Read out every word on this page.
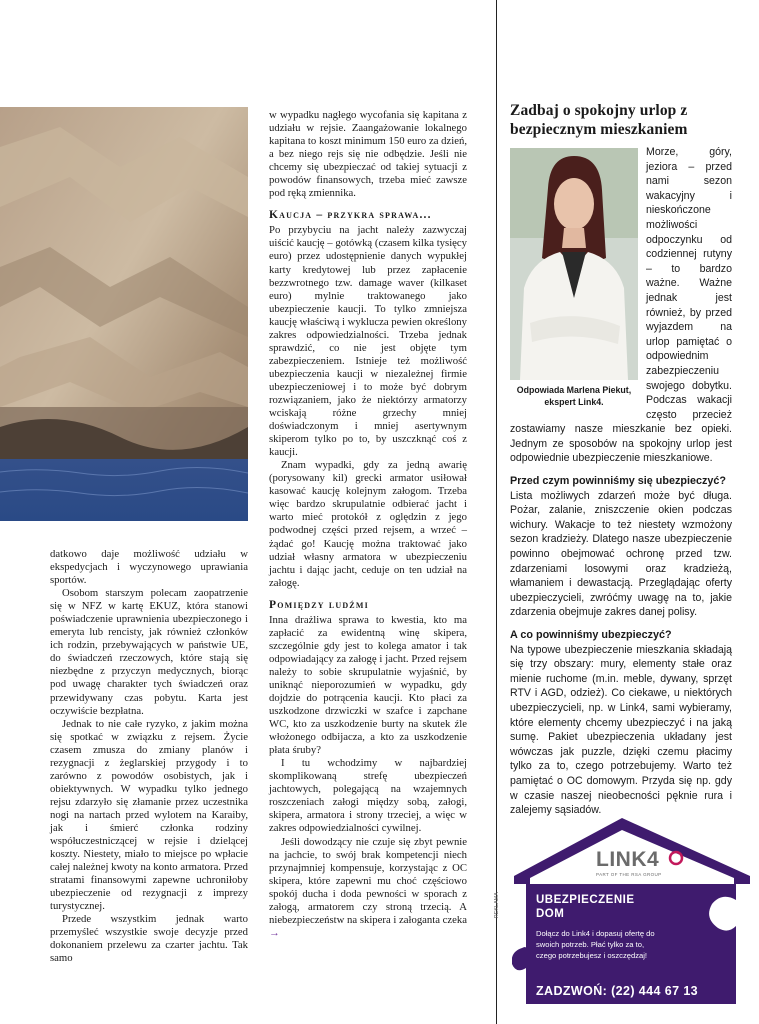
datkowo daje możliwość udziału w ekspedycjach i wyczynowego uprawiania sportów.

Osobom starszym polecam zaopatrzenie się w NFZ w kartę EKUZ, która stanowi poświadczenie uprawnienia ubezpieczonego i emeryta lub rencisty, jak również członków ich rodzin, przebywających w państwie UE, do świadczeń rzeczowych, które stają się niezbędne z przyczyn medycznych, biorąc pod uwagę charakter tych świadczeń oraz przewidywany czas pobytu. Karta jest oczywiście bezpłatna.

Jednak to nie całe ryzyko, z jakim można się spotkać w związku z rejsem. Życie czasem zmusza do zmiany planów i rezygnacji z żeglarskiej przygody i to zarówno z powodów osobistych, jak i obiektywnych. W wypadku tylko jednego rejsu zdarzyło się złamanie przez uczestnika nogi na nartach przed wylotem na Karaiby, jak i śmierć członka rodziny współuczestniczącej w rejsie i dzielącej koszty. Niestety, miało to miejsce po wpłacie całej należnej kwoty na konto armatora. Przed stratami finansowymi zapewne uchroniłoby ubezpieczenie od rezygnacji z imprezy turystycznej.

Przede wszystkim jednak warto przemyśleć wszystkie swoje decyzje przed dokonaniem przelewu za czarter jachtu. Tak samo

w wypadku nagłego wycofania się kapitana z udziału w rejsie. Zaangażowanie lokalnego kapitana to koszt minimum 150 euro za dzień, a bez niego rejs się nie odbędzie. Jeśli nie chcemy się ubezpieczać od takiej sytuacji z powodów finansowych, trzeba mieć zawsze pod ręką zmiennika.

Kaucja – przykra sprawa...

Po przybyciu na jacht należy zazwyczaj uiścić kaucję – gotówką (czasem kilka tysięcy euro) przez udostępnienie danych wypukłej karty kredytowej lub przez zapłacenie bezzwrotnego tzw. damage waver (kilkaset euro) mylnie traktowanego jako ubezpieczenie kaucji. To tylko zmniejsza kaucję właściwą i wyklucza pewien określony zakres odpowiedzialności. Trzeba jednak sprawdzić, co nie jest objęte tym zabezpieczeniem. Istnieje też możliwość ubezpieczenia kaucji w niezależnej firmie ubezpieczeniowej i to może być dobrym rozwiązaniem, jako że niektórzy armatorzy wciskają różne grzechy mniej doświadczonym i mniej asertywnym skiperom tylko po to, by uszczknąć coś z kaucji.

Znam wypadki, gdy za jedną awarię (porysowany kil) grecki armator usiłował kasować kaucję kolejnym załogom. Trzeba więc bardzo skrupulatnie odbierać jacht i warto mieć protokół z oględzin z jego podwodnej części przed rejsem, a wrzeć – żądać go! Kaucję można traktować jako udział własny armatora w ubezpieczeniu jachtu i dając jacht, ceduje on ten udział na załogę.

Pomiędzy ludźmi

Inna drażliwa sprawa to kwestia, kto ma zapłacić za ewidentną winę skipera, szczególnie gdy jest to kolega amator i tak odpowiadający za załogę i jacht. Przed rejsem należy to sobie skrupulatnie wyjaśnić, by uniknąć nieporozumień w wypadku, gdy dojdzie do potrącenia kaucji. Kto płaci za uszkodzone drzwiczki w szafce i zapchane WC, kto za uszkodzenie burty na skutek źle włożonego odbijacza, a kto za uszkodzenie płata śruby?

I tu wchodzimy w najbardziej skomplikowaną strefę ubezpieczeń jachtowych, polegającą na wzajemnych roszczeniach załogi między sobą, załogi, skipera, armatora i strony trzeciej, a więc w zakres odpowiedzialności cywilnej.

Jeśli dowodzący nie czuje się zbyt pewnie na jachcie, to swój brak kompetencji niech przynajmniej kompensuje, korzystając z OC skipera, które zapewni mu choć częściowo spokój ducha i doda pewności w sporach z załogą, armatorem czy stroną trzecią. A niebezpieczeństw na skipera i załoganta czeka →

Zadbaj o spokojny urlop z bezpiecznym mieszkaniem
Odpowiada Marlena Piekut, ekspert Link4.

Morze, góry, jeziora – przed nami sezon wakacyjny i nieskończone możliwości odpoczynku od codziennej rutyny – to bardzo ważne. Ważne jednak jest również, by przed wyjazdem na urlop pamiętać o odpowiednim zabezpieczeniu swojego dobytku. Podczas wakacji często przecież zostawiamy nasze mieszkanie bez opieki. Jednym ze sposobów na spokojny urlop jest odpowiednie ubezpieczenie mieszkaniowe.

Przed czym powinniśmy się ubezpieczyć?

Lista możliwych zdarzeń może być długa. Pożar, zalanie, zniszczenie okien podczas wichury. Wakacje to też niestety wzmożony sezon kradzieży. Dlatego nasze ubezpieczenie powinno obejmować ochronę przed tzw. zdarzeniami losowymi oraz kradzieżą, włamaniem i dewastacją. Przeglądając oferty ubezpieczycieli, zwróćmy uwagę na to, jakie zdarzenia obejmuje zakres danej polisy.

A co powinniśmy ubezpieczyć?

Na typowe ubezpieczenie mieszkania składają się trzy obszary: mury, elementy stałe oraz mienie ruchome (m.in. meble, dywany, sprzęt RTV i AGD, odzież). Co ciekawe, u niektórych ubezpieczycieli, np. w Link4, sami wybieramy, które elementy chcemy ubezpieczyć i na jaką sumę. Pakiet ubezpieczenia układany jest wówczas jak puzzle, dzięki czemu płacimy tylko za to, czego potrzebujemy. Warto też pamiętać o OC domowym. Przyda się np. gdy w czasie naszej nieobecności pęknie rura i zalejemy sąsiadów.

REKLAMA
LINK4
PART OF THE RSA GROUP
UBEZPIECZENIE
DOM
Dołącz do Link4 i dopasuj ofertę do swoich potrzeb. Płać tylko za to, czego potrzebujesz i oszczędzaj!
ZADZWOŃ: (22) 444 67 13
